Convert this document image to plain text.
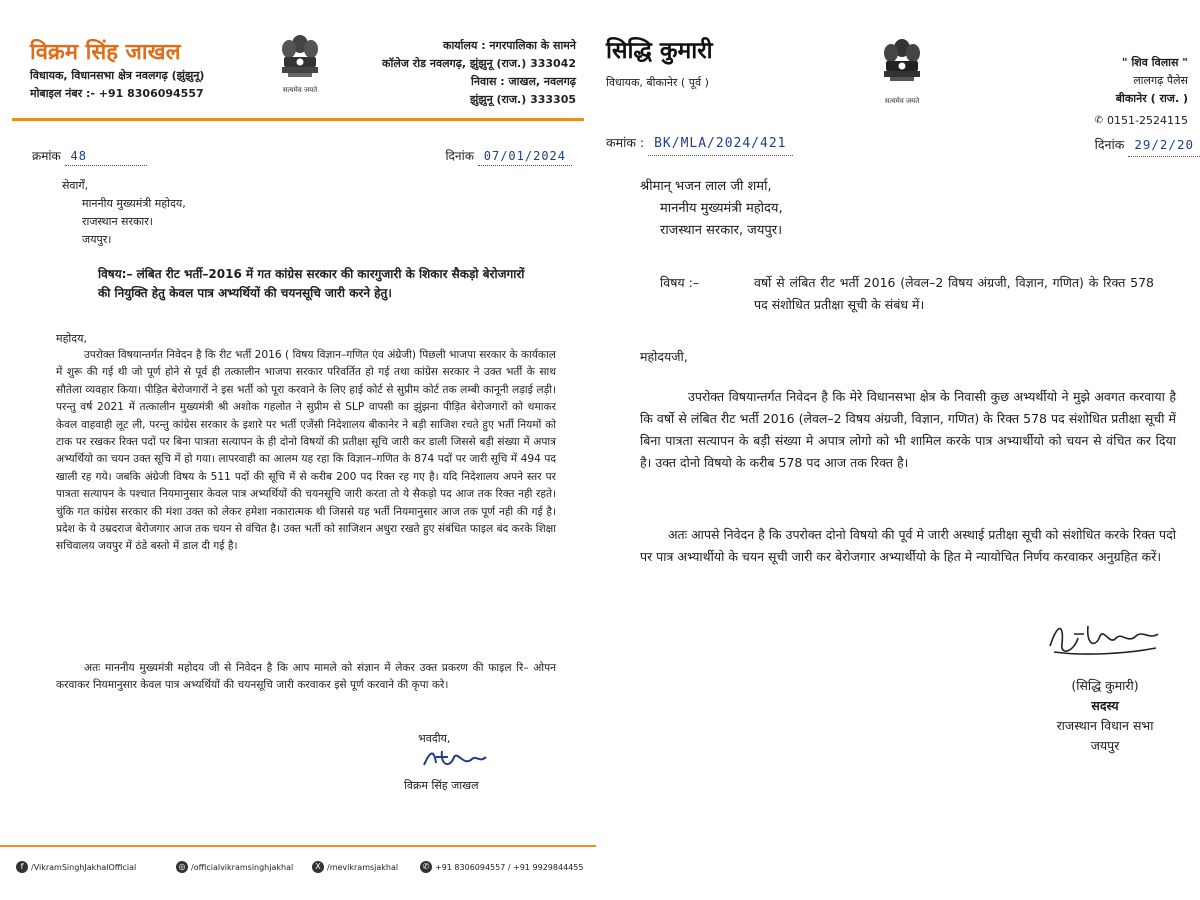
विक्रम सिंह जाखल
विधायक, विधानसभा क्षेत्र नवलगढ़ (झुंझुनू)
मोबाइल नंबर :- +91 8306094557	सत्यमेव जयते
कार्यालय : नगरपालिका के सामने
कॉलेज रोड नवलगढ़, झुंझुनू (राज.) 333042
निवास : जाखल, नवलगढ़
झुंझुनू (राज.) 333305
क्रमांक 48	दिनांक 07/01/2024
सेवार्गें,
माननीय मुख्यमंत्री महोदय,
राजस्थान सरकार।
जयपुर।
विषय:– लंबित रीट भर्ती–2016 में गत कांग्रेस सरकार की कारगुजारी के शिकार सैकड़ो बेरोजगारों की नियुक्ति हेतु केवल पात्र अभ्यर्थियों की चयनसूचि जारी करने हेतु।
महोदय,
उपरोक्त विषयान्तर्गत निवेदन है कि रीट भर्ती 2016 ( विषय विज्ञान–गणित एंव अंग्रेजी) पिछली भाजपा सरकार के कार्यकाल में शुरू की गई थी जो पूर्ण होने से पूर्व ही तत्कालीन भाजपा सरकार परिवर्तित हो गई तथा कांग्रेस सरकार ने उक्त भर्ती के साथ सौतेला व्यवहार किया। पीड़ित बेरोजगारों ने इस भर्ती को पूरा करवाने के लिए हाई कोर्ट से सुप्रीम कोर्ट तक लम्बी कानूनी लड़ाई लड़ी। परन्तु वर्ष 2021 में तत्कालीन मुख्यमंत्री श्री अशोक गहलोत ने सुप्रीम से SLP वापसी का झुंझना पीड़ित बेरोजगारों को थमाकर केवल वाहवाही लूट ली, परन्तु कांग्रेस सरकार के इशारे पर भर्ती एजेंसी निदेशालय बीकानेर ने बड़ी साजिश रचते हुए भर्ती नियमों को टाक पर रखकर रिक्त पदों पर बिना पात्रता सत्यापन के ही दोनो विषयों की प्रतीक्षा सूचि जारी कर डाली जिससे बड़ी संख्या में अपात्र अभ्यर्थियो का चयन उक्त सूचि में हो गया। लापरवाही का आलम यह रहा कि विज्ञान–गणित के 874 पदों पर जारी सूचि में 494 पद खाली रह गये। जबकि अंग्रेजी विषय के 511 पदों की सूचि में से करीब 200 पद रिक्त रह गए है। यदि निदेशालय अपने स्तर पर पात्रता सत्यापन के पश्चात नियमानुसार केवल पात्र अभ्यर्थियों की चयनसूचि जारी करता तो ये सैकड़ो पद आज तक रिक्त नही रहते। चुंकि गत कांग्रेस सरकार की मंशा उक्त को लेकर हमेशा नकारात्मक थी जिससे यह भर्ती नियमानुसार आज तक पूर्ण नही की गई है। प्रदेश के ये उम्रदराज बेरोजगार आज तक चयन से वंचित है। उक्त भर्ती को साजिशन अधुरा रखते हुए संबंधित फाइल बंद करके शिक्षा सचिवालय जयपुर में ठंडे बस्तो में डाल दी गई है।
अतः माननीय मुख्यमंत्री महोदय जी से निवेदन है कि आप मामले को संज्ञान में लेकर उक्त प्रकरण की फाइल रि– ओपन करवाकर नियमानुसार केवल पात्र अभ्यर्थियों की चयनसूचि जारी करवाकर इसे पूर्ण करवाने की कृपा करे।
भवदीय,
विक्रम सिंह जाखल
f /VikramSinghJakhalOfficial	◎ /officialvikramsinghjakhal	X /mevikramsjakhal	✆ +91 8306094557 / +91 9929844455
सिद्धि कुमारी
विधायक, बीकानेर ( पूर्व )
सत्यमेव जयते
" शिव विलास "
लालगढ़ पैलेस
बीकानेर ( राज. )
✆ 0151-2524115
कमांक : BK/MLA/2024/421	दिनांक 29/2/20
श्रीमान् भजन लाल जी शर्मा,
माननीय मुख्यमंत्री महोदय,
राजस्थान सरकार, जयपुर।
विषय :–	वर्षो से लंबित रीट भर्ती 2016 (लेवल–2 विषय अंग्रजी, विज्ञान, गणित) के रिक्त 578 पद संशोधित प्रतीक्षा सूची के संबंध में।
महोदयजी,
उपरोक्त विषयान्तर्गत निवेदन है कि मेरे विधानसभा क्षेत्र के निवासी कुछ अभ्यर्थीयो ने मुझे अवगत करवाया है कि वर्षो से लंबित रीट भर्ती 2016 (लेवल–2 विषय अंग्रजी, विज्ञान, गणित) के रिक्त 578 पद संशोधित प्रतीक्षा सूची में बिना पात्रता सत्यापन के बड़ी संख्या मे अपात्र लोगो को भी शामिल करके पात्र अभ्यार्थीयो को चयन से वंचित कर दिया है। उक्त दोनो विषयो के करीब 578 पद आज तक रिक्त है।
अतः आपसे निवेदन है कि उपरोक्त दोनो विषयो की पूर्व मे जारी अस्थाई प्रतीक्षा सूची को संशोधित करके रिक्त पदो पर पात्र अभ्यार्थीयो के चयन सूची जारी कर बेरोजगार अभ्यार्थीयो के हित मे न्यायोचित निर्णय करवाकर अनुग्रहित करें।
(सिद्धि कुमारी)
सदस्य
राजस्थान विधान सभा
जयपुर
